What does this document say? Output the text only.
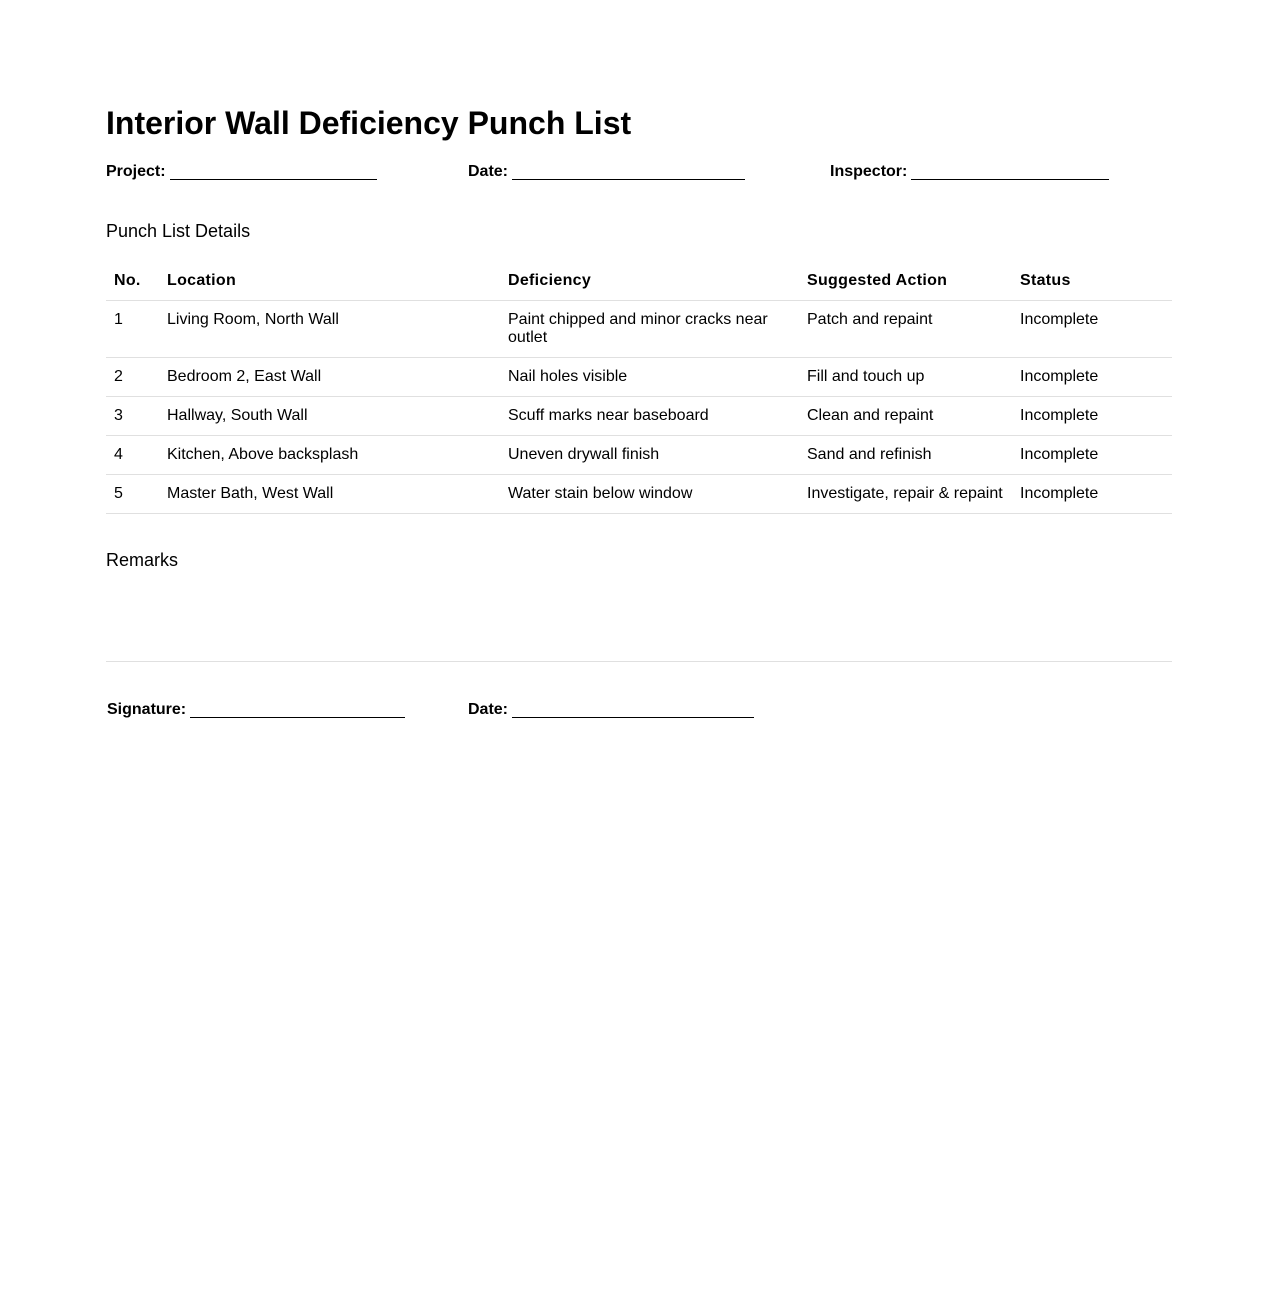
Interior Wall Deficiency Punch List
Project:	Date:	Inspector:
Punch List Details
No.	Location	Deficiency	Suggested Action	Status
1	Living Room, North Wall	Paint chipped and minor cracks near outlet	Patch and repaint	Incomplete
2	Bedroom 2, East Wall	Nail holes visible	Fill and touch up	Incomplete
3	Hallway, South Wall	Scuff marks near baseboard	Clean and repaint	Incomplete
4	Kitchen, Above backsplash	Uneven drywall finish	Sand and refinish	Incomplete
5	Master Bath, West Wall	Water stain below window	Investigate, repair & repaint	Incomplete
Remarks
Signature:	Date:
